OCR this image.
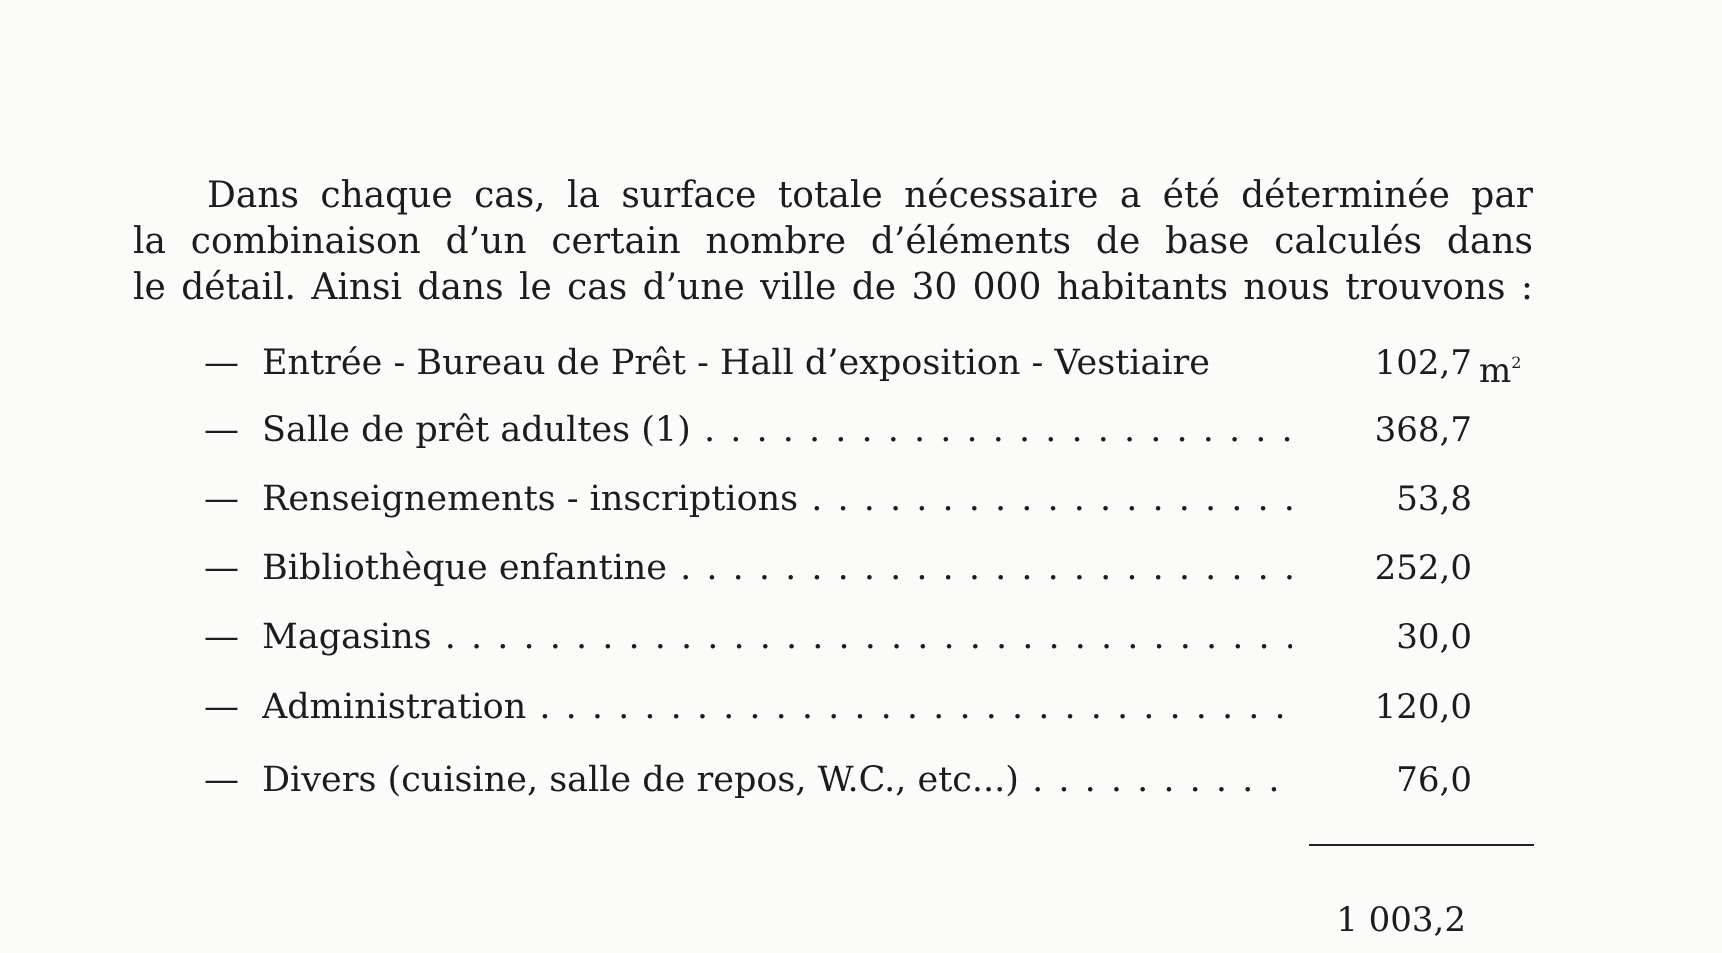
Dans chaque cas, la surface totale nécessaire a été déterminée par

la combinaison d’un certain nombre d’éléments de base calculés dans

le détail. Ainsi dans le cas d’une ville de 30 000 habitants nous trouvons :

— Entrée - Bureau de Prêt - Hall d’exposition - Vestiaire	102,7 $m^2$
— Salle de prêt adultes (1) . . .	368,7
— Renseignements - inscriptions . . .	53,8
— Bibliothèque enfantine . . .	252,0
— Magasins . . .	30,0
— Administration . . .	120,0
— Divers (cuisine, salle de repos, W.C., etc...) . . .	76,0
1 003,2
